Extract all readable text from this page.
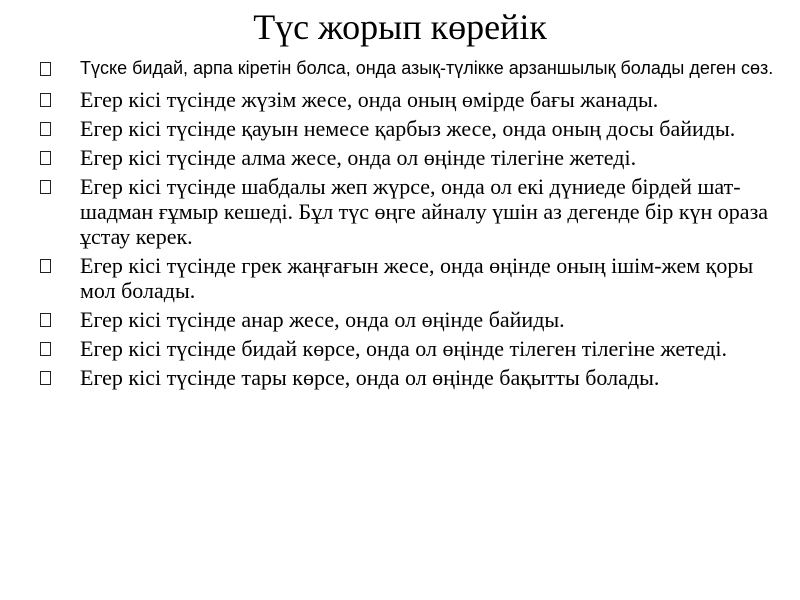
Түс жорып көрейік
Түске бидай, арпа кіретін болса, онда азық-түлікке арзаншылық болады деген сөз.
Егер кісі түсінде жүзім жесе, онда оның өмірде бағы жанады.
Егер кісі түсінде қауын немесе қарбыз жесе, онда оның досы байиды.
Егер кісі түсінде алма жесе, онда ол өңінде тілегіне жетеді.
Егер кісі түсінде шабдалы жеп жүрсе, онда ол екі дүниеде бірдей шат-шадман ғұмыр кешеді. Бұл түс өңге айналу үшін аз дегенде бір күн ораза ұстау керек.
Егер кісі түсінде грек жаңғағын жесе, онда өңінде оның ішім-жем қоры мол болады.
Егер кісі түсінде анар жесе, онда ол өңінде байиды.
Егер кісі түсінде бидай көрсе, онда ол өңінде тілеген тілегіне жетеді.
Егер кісі түсінде тары көрсе, онда ол өңінде бақытты болады.
